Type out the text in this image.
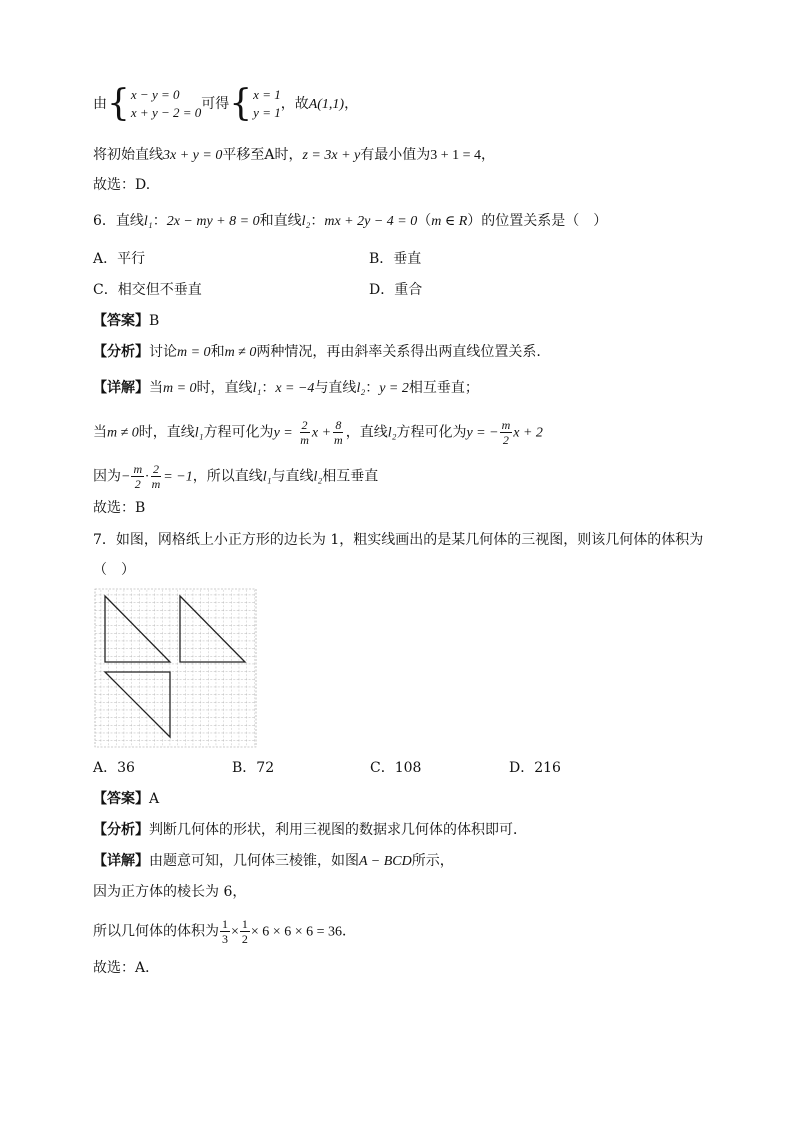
由{ x − y = 0
x + y − 2 = 0
可得{ x = 1
y = 1
，故A(1,1)，
将初始直线3x + y = 0平移至A时，z = 3x + y有最小值为3 + 1 = 4，
故选：D.
6．直线l₁：2x − my + 8 = 0和直线l₂：mx + 2y − 4 = 0（m ∈ R）的位置关系是（　）
A．平行	B．垂直
C．相交但不垂直	D．重合
【答案】B
【分析】讨论m = 0和m ≠ 0两种情况，再由斜率关系得出两直线位置关系.
【详解】当m = 0时，直线l₁：x = −4与直线l₂：y = 2相互垂直；
当m ≠ 0时，直线l₁方程可化为$y = \frac{2}{m}$ $x + \frac{8}{m}$ ，直线l₂方程可化为y = − $\frac{m}{2}$ x + 2
因为− $\frac{m}{2} \cdot \frac{2}{m} = -1$，所以直线l₁与直线l₂相互垂直
故选：B
7．如图，网格纸上小正方形的边长为 1，粗实线画出的是某几何体的三视图，则该几何体的体积为
（　）
A．36	B．72	C．108	D．216
【答案】A
【分析】判断几何体的形状，利用三视图的数据求几何体的体积即可．
【详解】由题意可知，几何体三棱锥，如图A − BCD所示，
因为正方体的棱长为 6，
所以几何体的体积为 $\frac{1}{3} \times \frac{1}{2} \times 6 \times 6 \times 6 = 36$．
故选：A．
